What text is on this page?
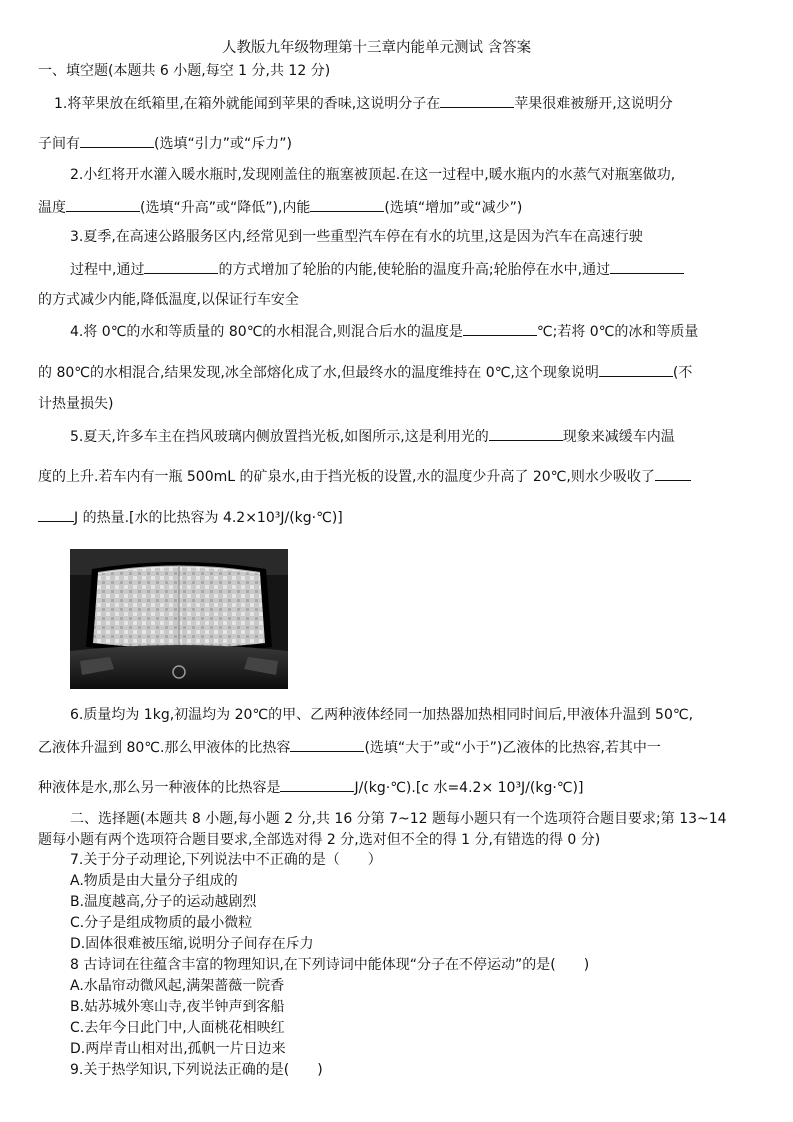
人教版九年级物理第十三章内能单元测试 含答案
一、填空题(本题共 6 小题,每空 1 分,共 12 分)
1.将苹果放在纸箱里,在箱外就能闻到苹果的香味,这说明分子在	苹果很难被掰开,这说明分
子间有	(选填“引力”或“斥力”)
2.小红将开水灌入暖水瓶时,发现刚盖住的瓶塞被顶起.在这一过程中,暖水瓶内的水蒸气对瓶塞做功,
温度	(选填“升高”或“降低”),内能	(选填“增加”或“减少”)
3.夏季,在高速公路服务区内,经常见到一些重型汽车停在有水的坑里,这是因为汽车在高速行驶
过程中,通过	的方式增加了轮胎的内能,使轮胎的温度升高;轮胎停在水中,通过
的方式减少内能,降低温度,以保证行车安全
4.将 0℃的水和等质量的 80℃的水相混合,则混合后水的温度是	℃;若将 0℃的冰和等质量
的 80℃的水相混合,结果发现,冰全部熔化成了水,但最终水的温度维持在 0℃,这个现象说明	(不
计热量损失)
5.夏天,许多车主在挡风玻璃内侧放置挡光板,如图所示,这是利用光的	现象来减缓车内温
度的上升.若车内有一瓶 500mL 的矿泉水,由于挡光板的设置,水的温度少升高了 20℃,则水少吸收了
J 的热量.[水的比热容为 4.2×10³J/(kg·℃)]
6.质量均为 1kg,初温均为 20℃的甲、乙两种液体经同一加热器加热相同时间后,甲液体升温到 50℃,
乙液体升温到 80℃.那么甲液体的比热容	(选填“大于”或“小于”)乙液体的比热容,若其中一
种液体是水,那么另一种液体的比热容是	J/(kg·℃).[c 水=4.2× 10³J/(kg·℃)]
二、选择题(本题共 8 小题,每小题 2 分,共 16 分第 7~12 题每小题只有一个选项符合题目要求;第 13~14
题每小题有两个选项符合题目要求,全部选对得 2 分,选对但不全的得 1 分,有错选的得 0 分)
7.关于分子动理论,下列说法中不正确的是（　　）
A.物质是由大量分子组成的
B.温度越高,分子的运动越剧烈
C.分子是组成物质的最小微粒
D.固体很难被压缩,说明分子间存在斥力
8 古诗词在往蕴含丰富的物理知识,在下列诗词中能体现“分子在不停运动”的是(　　)
A.水晶帘动微风起,满架蔷薇一院香
B.姑苏城外寒山寺,夜半钟声到客船
C.去年今日此门中,人面桃花相映红
D.两岸青山相对出,孤帆一片日边来
9.关于热学知识,下列说法正确的是(　　)
